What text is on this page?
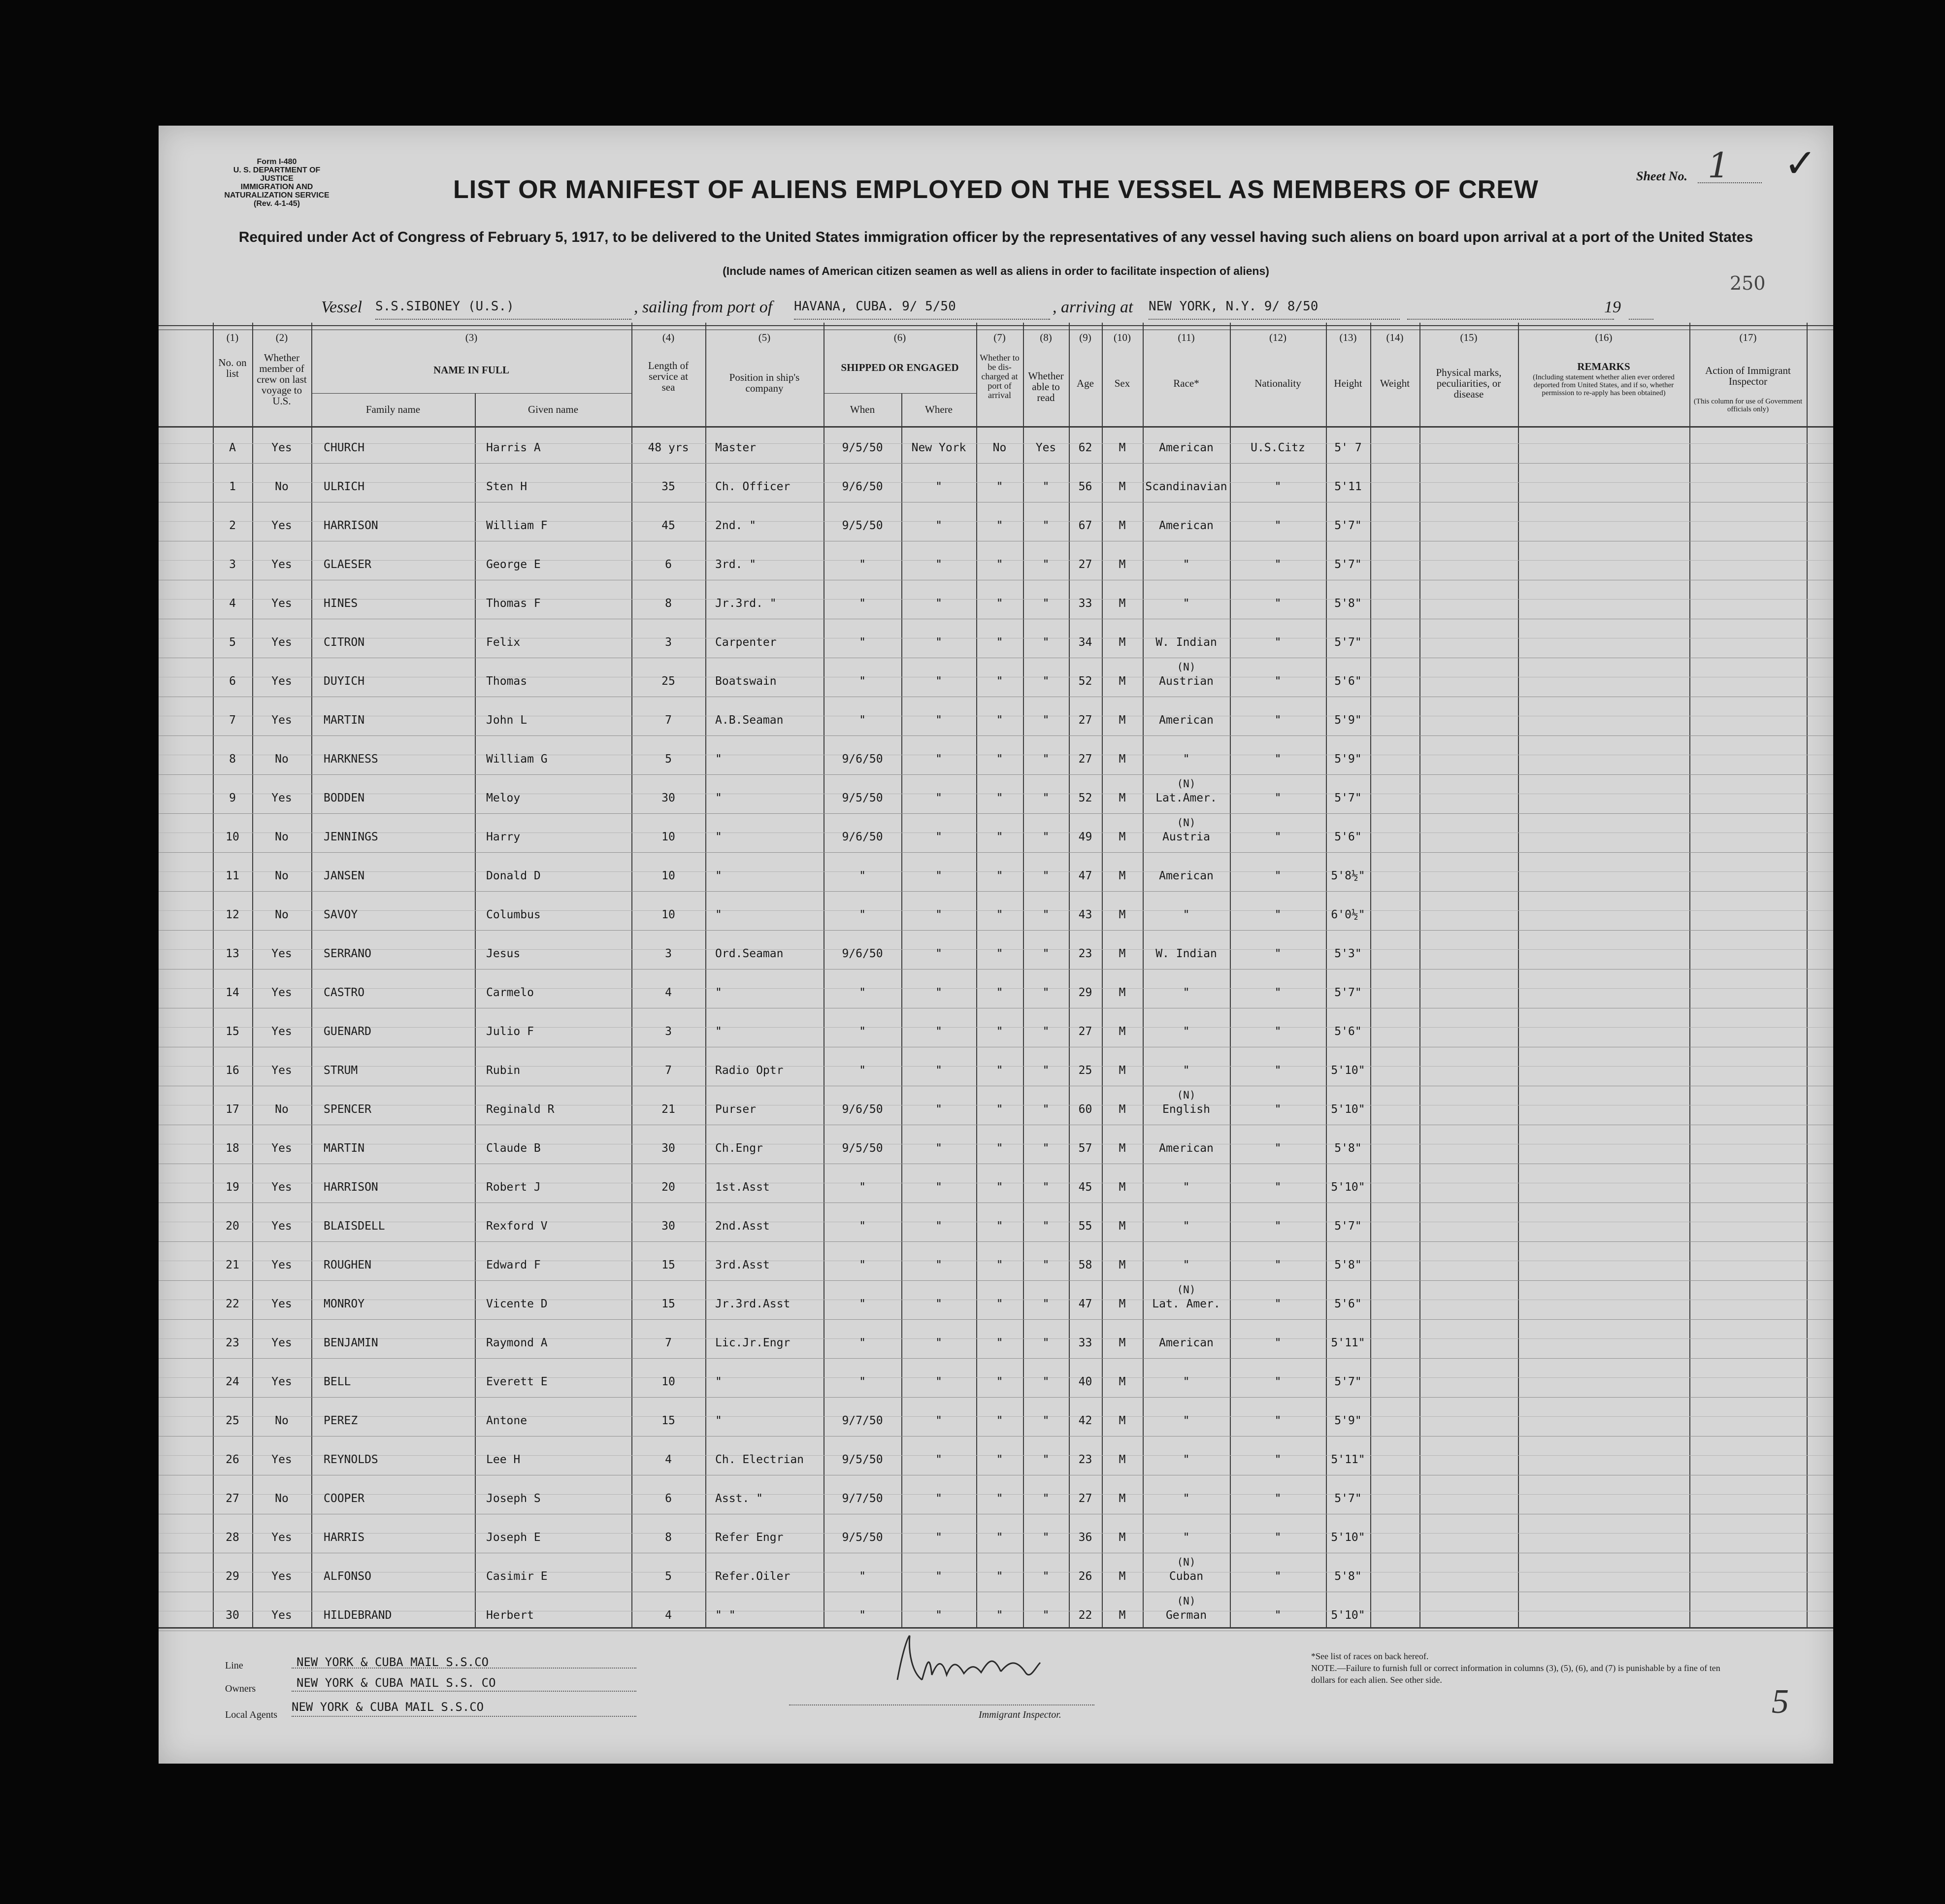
Form I-480
U. S. DEPARTMENT OF JUSTICE
IMMIGRATION AND NATURALIZATION SERVICE
(Rev. 4-1-45)
Sheet No. 1 ✓
LIST OR MANIFEST OF ALIENS EMPLOYED ON THE VESSEL AS MEMBERS OF CREW
Required under Act of Congress of February 5, 1917, to be delivered to the United States immigration officer by the representatives of any vessel having such aliens on board upon arrival at a port of the United States
(Include names of American citizen seamen as well as aliens in order to facilitate inspection of aliens)
250
Vessel S.S.SIBONEY (U.S.)	, sailing from port of HAVANA, CUBA. 9/ 5/50	, arriving at NEW YORK, N.Y. 9/ 8/50	19
(1)
No. on list
(2)
Whether member of crew on last voyage to U.S.
(3)
NAME IN FULL
Family name	Given name
(4)
Length of service at sea
(5)
Position in ship's company
(6)
SHIPPED OR ENGAGED
When	Where
(7)
Whether to be dis-charged at port of arrival
(8)
Whether able to read
(9)
Age
(10)
Sex
(11)
Race*
(12)
Nationality
(13)
Height
(14)
Weight
(15)
Physical marks, peculiarities, or disease
(16)
REMARKS
(Including statement whether alien ever ordered deported from United States, and if so, whether permission to re-apply has been obtained)
(17)
Action of Immigrant Inspector
(This column for use of Government officials only)
A	Yes	CHURCH	Harris A	48 yrs	Master	9/5/50	New York	No	Yes	62	M	American	U.S.Citz	5' 7
1	No	ULRICH	Sten H	35	Ch. Officer	9/6/50	"	"	"	56	M	Scandinavian	"	5'11
2	Yes	HARRISON	William F	45	2nd. "	9/5/50	"	"	"	67	M	American	"	5'7"
3	Yes	GLAESER	George E	6	3rd. "	"	"	"	"	27	M	"	"	5'7"
4	Yes	HINES	Thomas F	8	Jr.3rd. "	"	"	"	"	33	M	"	"	5'8"
5	Yes	CITRON	Felix	3	Carpenter	"	"	"	"	34	M	W. Indian	"	5'7"
6	Yes	DUYICH	Thomas	25	Boatswain	"	"	"	"	52	M	Austrian	"	5'6"
(N)
7	Yes	MARTIN	John L	7	A.B.Seaman	"	"	"	"	27	M	American	"	5'9"
8	No	HARKNESS	William G	5	"	9/6/50	"	"	"	27	M	"	"	5'9"
9	Yes	BODDEN	Meloy	30	"	9/5/50	"	"	"	52	M	Lat.Amer.	"	5'7"
(N)
10	No	JENNINGS	Harry	10	"	9/6/50	"	"	"	49	M	Austria	"	5'6"
(N)
11	No	JANSEN	Donald D	10	"	"	"	"	"	47	M	American	"	5'8½"
12	No	SAVOY	Columbus	10	"	"	"	"	"	43	M	"	"	6'0½"
13	Yes	SERRANO	Jesus	3	Ord.Seaman	9/6/50	"	"	"	23	M	W. Indian	"	5'3"
14	Yes	CASTRO	Carmelo	4	"	"	"	"	"	29	M	"	"	5'7"
15	Yes	GUENARD	Julio F	3	"	"	"	"	"	27	M	"	"	5'6"
16	Yes	STRUM	Rubin	7	Radio Optr	"	"	"	"	25	M	"	"	5'10"
17	No	SPENCER	Reginald R	21	Purser	9/6/50	"	"	"	60	M	English	"	5'10"
(N)
18	Yes	MARTIN	Claude B	30	Ch.Engr	9/5/50	"	"	"	57	M	American	"	5'8"
19	Yes	HARRISON	Robert J	20	1st.Asst	"	"	"	"	45	M	"	"	5'10"
20	Yes	BLAISDELL	Rexford V	30	2nd.Asst	"	"	"	"	55	M	"	"	5'7"
21	Yes	ROUGHEN	Edward F	15	3rd.Asst	"	"	"	"	58	M	"	"	5'8"
22	Yes	MONROY	Vicente D	15	Jr.3rd.Asst	"	"	"	"	47	M	Lat. Amer.	"	5'6"
(N)
23	Yes	BENJAMIN	Raymond A	7	Lic.Jr.Engr	"	"	"	"	33	M	American	"	5'11"
24	Yes	BELL	Everett E	10	"	"	"	"	"	40	M	"	"	5'7"
25	No	PEREZ	Antone	15	"	9/7/50	"	"	"	42	M	"	"	5'9"
26	Yes	REYNOLDS	Lee H	4	Ch. Electrian	9/5/50	"	"	"	23	M	"	"	5'11"
27	No	COOPER	Joseph S	6	Asst. "	9/7/50	"	"	"	27	M	"	"	5'7"
28	Yes	HARRIS	Joseph E	8	Refer Engr	9/5/50	"	"	"	36	M	"	"	5'10"
29	Yes	ALFONSO	Casimir E	5	Refer.Oiler	"	"	"	"	26	M	Cuban	"	5'8"
(N)
30	Yes	HILDEBRAND	Herbert	4	" "	"	"	"	"	22	M	German	"	5'10"
(N)
Line	NEW YORK & CUBA MAIL S.S.CO
Owners	NEW YORK & CUBA MAIL S.S. CO
Local Agents
NEW YORK & CUBA MAIL S.S.CO
Immigrant Inspector.
*See list of races on back hereof.
NOTE.—Failure to furnish full or correct information in columns (3), (5), (6), and (7) is punishable by a fine of ten dollars for each alien. See other side.
5
